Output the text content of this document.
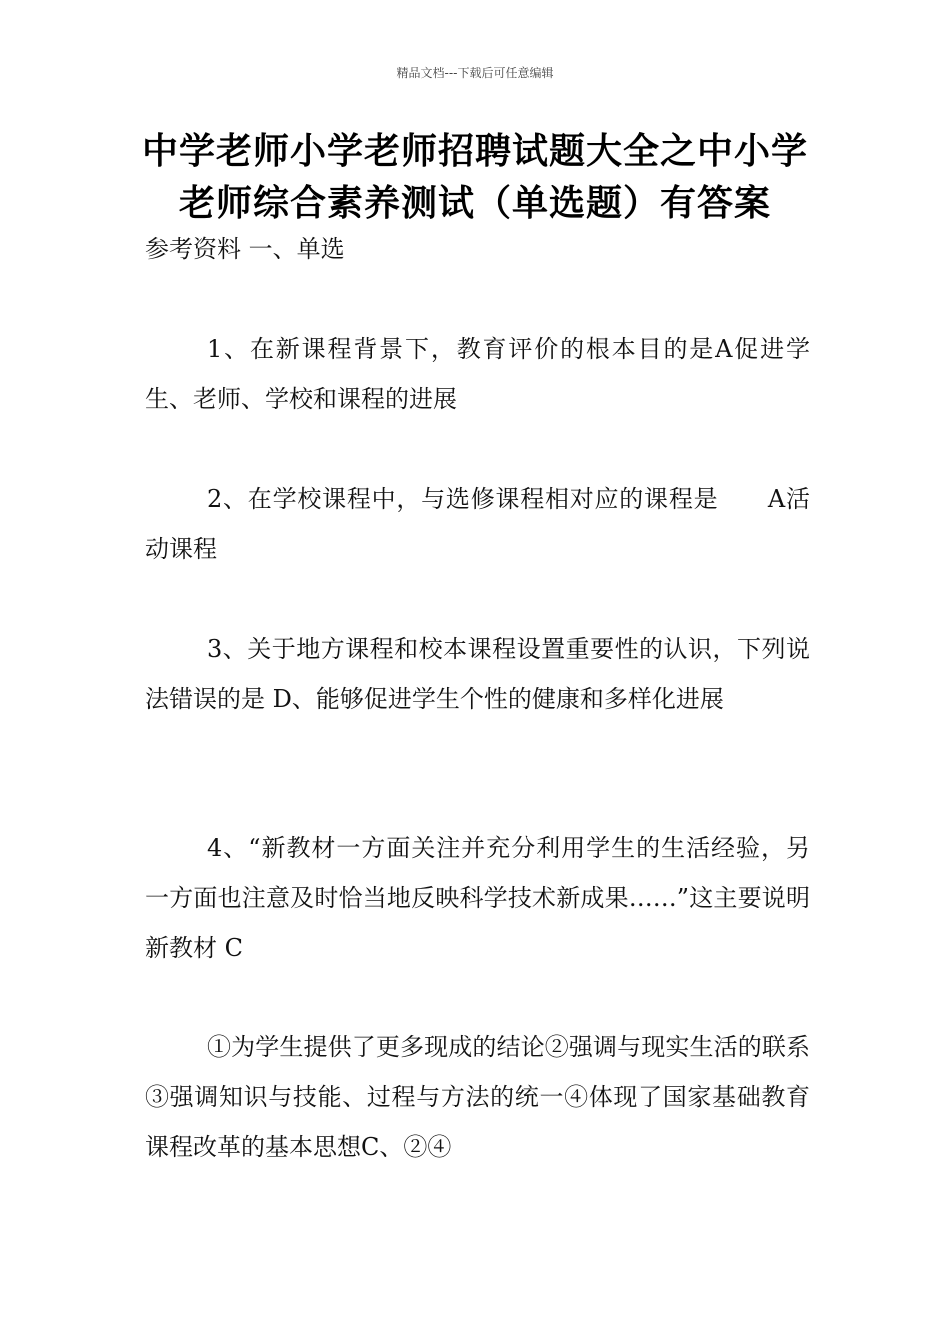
精品文档---下载后可任意编辑
中学老师小学老师招聘试题大全之中小学老师综合素养测试（单选题）有答案
参考资料 一、单选

1、在新课程背景下，教育评价的根本目的是A促进学生、老师、学校和课程的进展

2、在学校课程中，与选修课程相对应的课程是　　A活动课程

3、关于地方课程和校本课程设置重要性的认识，下列说法错误的是 D、能够促进学生个性的健康和多样化进展

4、“新教材一方面关注并充分利用学生的生活经验，另一方面也注意及时恰当地反映科学技术新成果……”这主要说明新教材 C

①为学生提供了更多现成的结论②强调与现实生活的联系③强调知识与技能、过程与方法的统一④体现了国家基础教育课程改革的基本思想C、②④
